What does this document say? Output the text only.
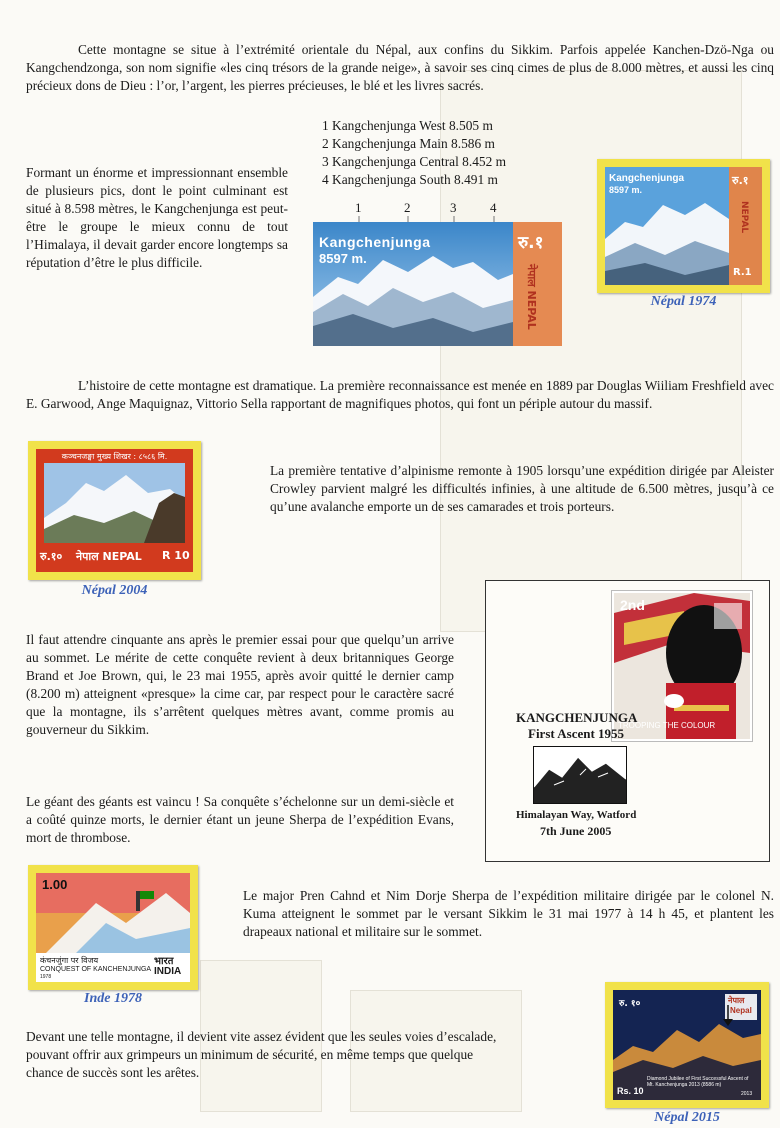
Cette montagne se situe à l’extrémité orientale du Népal, aux confins du Sikkim. Parfois appelée Kanchen-Dzö-Nga ou Kangchendzonga, son nom signifie «les cinq trésors de la grande neige», à savoir ses cinq cimes de plus de 8.000 mètres, et aussi les cinq précieux dons de Dieu : l’or, l’argent, les pierres précieuses, le blé et les livres sacrés.
1 Kangchenjunga West 8.505 m
2 Kangchenjunga Main 8.586 m
3 Kangchenjunga Central 8.452 m
4 Kangchenjunga South 8.491 m
Formant un énorme et impressionnant ensemble de plusieurs pics, dont le point culminant est situé à 8.598 mètres, le Kangchenjunga est peut-être le groupe le mieux connu de tout l’Himalaya, il devait garder encore longtemps sa réputation d’être le plus difficile.
1	2	3	4
Kangchenjunga
8597 m.
रु.१
नेपाल NEPAL
Kangchenjunga
8597 m.
रु.१
NEPAL
R.1
Népal 1974
L’histoire de cette montagne est dramatique. La première reconnaissance est menée en 1889 par Douglas Wiiliam Freshfield avec E. Garwood, Ange Maquignaz, Vittorio Sella rapportant de magnifiques photos, qui font un périple autour du massif.
कञ्चनजङ्घा मुख्य शिखर : ८५८६ मि.
रु.१० नेपाल NEPAL R 10
Népal 2004
La première tentative d’alpinisme remonte à 1905 lorsqu’une expédition dirigée par Aleister Crowley parvient malgré les difficultés infinies, à une altitude de 6.500 mètres, jusqu’à ce qu’une avalanche emporte un de ses camarades et trois porteurs.
2nd
TROOPING THE COLOUR
KANGCHENJUNGA
First Ascent 1955
Himalayan Way, Watford
7th June 2005
Il faut attendre cinquante ans après le premier essai pour que quelqu’un arrive au sommet. Le mérite de cette conquête revient à deux britanniques George Brand et Joe Brown, qui, le 23 mai 1955, après avoir quitté le dernier camp (8.200 m) atteignent «presque» la cime car, par respect pour le caractère sacré que la montagne, ils s’arrêtent quelques mètres avant, comme promis au gouverneur du Sikkim.
Le géant des géants est vaincu ! Sa conquête s’échelonne sur un demi-siècle et a coûté quinze morts, le dernier étant un jeune Sherpa de l’expédition Evans, mort de thrombose.
1.00
कंचनजुंगा पर विजय	भारत
CONQUEST OF KANCHENJUNGA
1978	INDIA
Inde 1978
Le major Pren Cahnd et Nim Dorje Sherpa de l’expédition militaire dirigée par le colonel N. Kuma atteignent le sommet par le versant Sikkim le 31 mai 1977 à 14 h 45, et plantent les drapeaux national et militaire sur le sommet.
Devant une telle montagne, il devient vite assez évident que les seules voies d’escalade, pouvant offrir aux grimpeurs un minimum de sécurité, en même temps que quelque chance de succès sont les arêtes.
रु. १०	नेपाल
Nepal
Diamond Jubilee of First Successful Ascent of Mt. Kanchenjunga 2013 (8586 m)
Rs. 10	2013
Népal 2015
